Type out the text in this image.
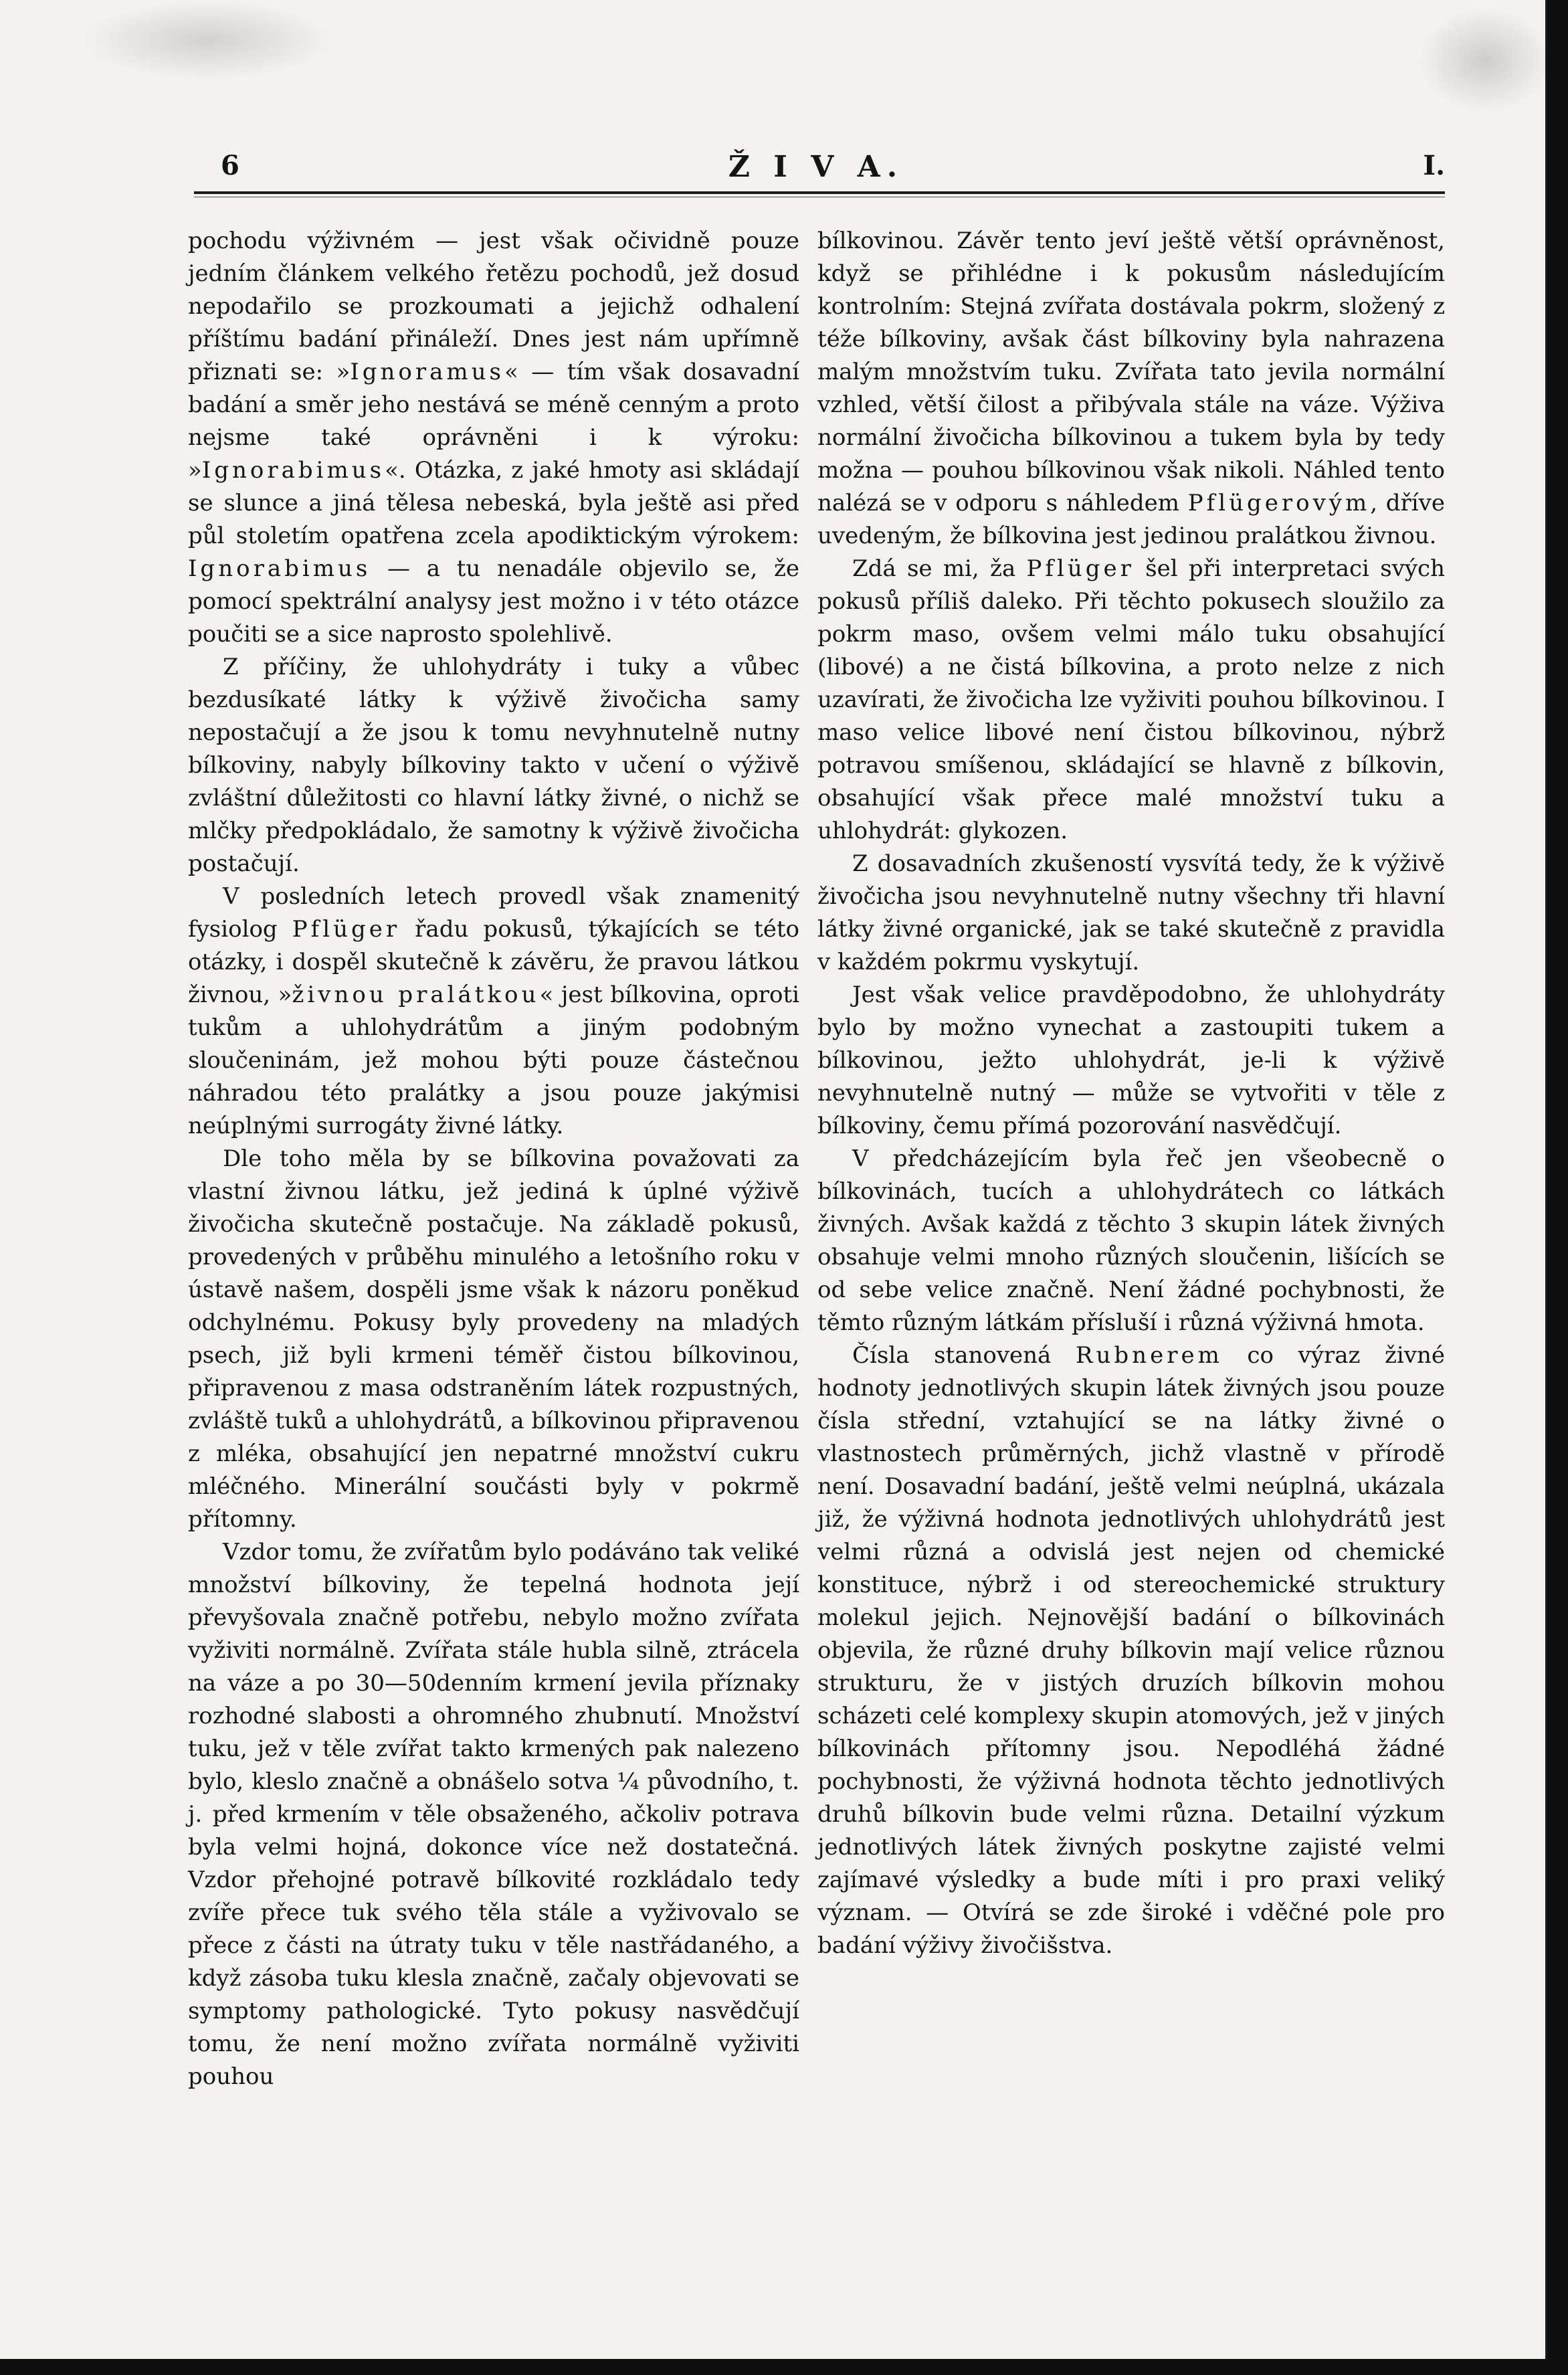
6	Ž I V A.	I.

pochodu výživném — jest však očividně pouze jedním článkem velkého řetězu pochodů, jež dosud nepodařilo se prozkoumati a jejichž odhalení příštímu badání přináleží. Dnes jest nám upřímně přiznati se: »Ignoramus« — tím však dosavadní badání a směr jeho nestává se méně cenným a proto nejsme také oprávněni i k výroku: »Ignorabimus«. Otázka, z jaké hmoty asi skládají se slunce a jiná tělesa nebeská, byla ještě asi před půl stoletím opatřena zcela apodiktickým výrokem: Ignorabimus — a tu nenadále objevilo se, že pomocí spektrální analysy jest možno i v této otázce poučiti se a sice naprosto spolehlivě.

Z příčiny, že uhlohydráty i tuky a vůbec bezdusíkaté látky k výživě živočicha samy nepostačují a že jsou k tomu nevyhnutelně nutny bílkoviny, nabyly bílkoviny takto v učení o výživě zvláštní důležitosti co hlavní látky živné, o nichž se mlčky předpokládalo, že samotny k výživě živočicha postačují.

V posledních letech provedl však znamenitý fysiolog Pflüger řadu pokusů, týkajících se této otázky, i dospěl skutečně k závěru, že pravou látkou živnou, »živnou pralátkou« jest bílkovina, oproti tukům a uhlohydrátům a jiným podobným sloučeninám, jež mohou býti pouze částečnou náhradou této pralátky a jsou pouze jakýmisi neúplnými surrogáty živné látky.

Dle toho měla by se bílkovina považovati za vlastní živnou látku, jež jediná k úplné výživě živočicha skutečně postačuje. Na základě pokusů, provedených v průběhu minulého a letošního roku v ústavě našem, dospěli jsme však k názoru poněkud odchylnému. Pokusy byly provedeny na mladých psech, již byli krmeni téměř čistou bílkovinou, připravenou z masa odstraněním látek rozpustných, zvláště tuků a uhlohydrátů, a bílkovinou připravenou z mléka, obsahující jen nepatrné množství cukru mléčného. Minerální součásti byly v pokrmě přítomny.

Vzdor tomu, že zvířatům bylo podáváno tak veliké množství bílkoviny, že tepelná hodnota její převyšovala značně potřebu, nebylo možno zvířata vyživiti normálně. Zvířata stále hubla silně, ztrácela na váze a po 30—50denním krmení jevila příznaky rozhodné slabosti a ohromného zhubnutí. Množství tuku, jež v těle zvířat takto krmených pak nalezeno bylo, kleslo značně a obnášelo sotva ¼ původního, t. j. před krmením v těle obsaženého, ačkoliv potrava byla velmi hojná, dokonce více než dostatečná. Vzdor přehojné potravě bílkovité rozkládalo tedy zvíře přece tuk svého těla stále a vyživovalo se přece z části na útraty tuku v těle nastřádaného, a když zásoba tuku klesla značně, začaly objevovati se symptomy pathologické. Tyto pokusy nasvědčují tomu, že není možno zvířata normálně vyživiti pouhou

bílkovinou. Závěr tento jeví ještě větší oprávněnost, když se přihlédne i k pokusům následujícím kontrolním: Stejná zvířata dostávala pokrm, složený z téže bílkoviny, avšak část bílkoviny byla nahrazena malým množstvím tuku. Zvířata tato jevila normální vzhled, větší čilost a přibývala stále na váze. Výživa normální živočicha bílkovinou a tukem byla by tedy možna — pouhou bílkovinou však nikoli. Náhled tento nalézá se v odporu s náhledem Pflügerovým, dříve uvedeným, že bílkovina jest jedinou pralátkou živnou.

Zdá se mi, ža Pflüger šel při interpretaci svých pokusů příliš daleko. Při těchto pokusech sloužilo za pokrm maso, ovšem velmi málo tuku obsahující (libové) a ne čistá bílkovina, a proto nelze z nich uzavírati, že živočicha lze vyživiti pouhou bílkovinou. I maso velice libové není čistou bílkovinou, nýbrž potravou smíšenou, skládající se hlavně z bílkovin, obsahující však přece malé množství tuku a uhlohydrát: glykozen.

Z dosavadních zkušeností vysvítá tedy, že k výživě živočicha jsou nevyhnutelně nutny všechny tři hlavní látky živné organické, jak se také skutečně z pravidla v každém pokrmu vyskytují.

Jest však velice pravděpodobno, že uhlohydráty bylo by možno vynechat a zastoupiti tukem a bílkovinou, ježto uhlohydrát, je-li k výživě nevyhnutelně nutný — může se vytvořiti v těle z bílkoviny, čemu přímá pozorování nasvědčují.

V předcházejícím byla řeč jen všeobecně o bílkovinách, tucích a uhlohydrátech co látkách živných. Avšak každá z těchto 3 skupin látek živných obsahuje velmi mnoho různých sloučenin, lišících se od sebe velice značně. Není žádné pochybnosti, že těmto různým látkám přísluší i různá výživná hmota.

Čísla stanovená Rubnerem co výraz živné hodnoty jednotlivých skupin látek živných jsou pouze čísla střední, vztahující se na látky živné o vlastnostech průměrných, jichž vlastně v přírodě není. Dosavadní badání, ještě velmi neúplná, ukázala již, že výživná hodnota jednotlivých uhlohydrátů jest velmi různá a odvislá jest nejen od chemické konstituce, nýbrž i od stereochemické struktury molekul jejich. Nejnovější badání o bílkovinách objevila, že různé druhy bílkovin mají velice různou strukturu, že v jistých druzích bílkovin mohou scházeti celé komplexy skupin atomových, jež v jiných bílkovinách přítomny jsou. Nepodléhá žádné pochybnosti, že výživná hodnota těchto jednotlivých druhů bílkovin bude velmi různa. Detailní výzkum jednotlivých látek živných poskytne zajisté velmi zajímavé výsledky a bude míti i pro praxi veliký význam. — Otvírá se zde široké i vděčné pole pro badání výživy živočišstva.
